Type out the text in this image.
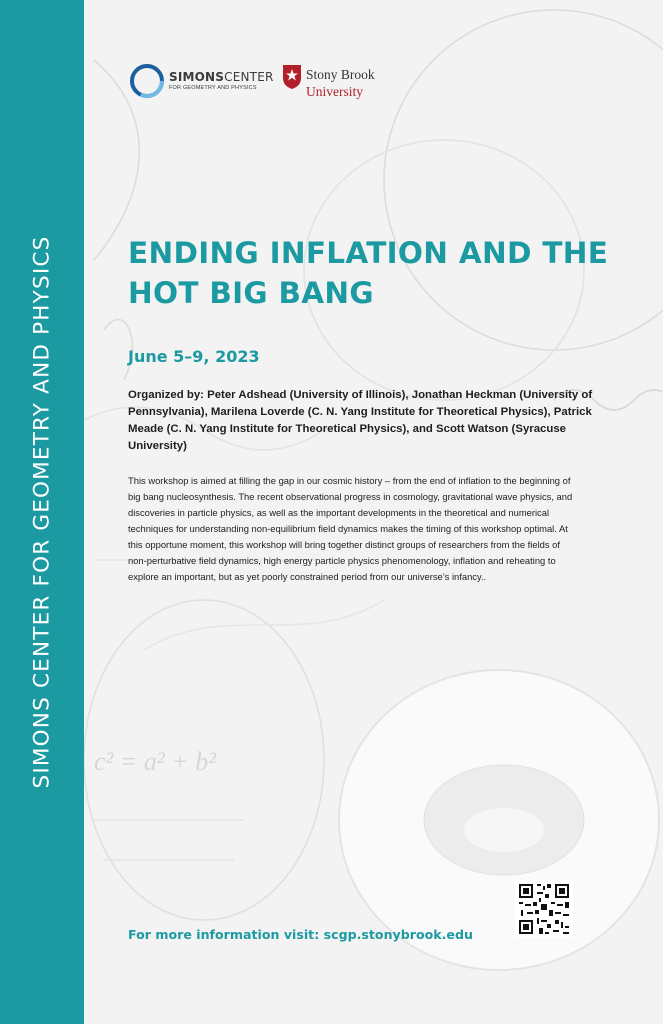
SIMONS CENTER FOR GEOMETRY AND PHYSICS c² = a² + b²
SIMONSCENTER
FOR GEOMETRY AND PHYSICS
Stony Brook
University
ENDING INFLATION AND THE HOT BIG BANG
June 5–9, 2023
Organized by: Peter Adshead (University of Illinois), Jonathan Heckman (University of Pennsylvania), Marilena Loverde (C. N. Yang Institute for Theoretical Physics), Patrick Meade (C. N. Yang Institute for Theoretical Physics), and Scott Watson (Syracuse University)
This workshop is aimed at filling the gap in our cosmic history – from the end of inflation to the beginning of big bang nucleosynthesis. The recent observational progress in cosmology, gravitational wave physics, and discoveries in particle physics, as well as the important developments in the theoretical and numerical techniques for understanding non-equilibrium field dynamics makes the timing of this workshop optimal. At this opportune moment, this workshop will bring together distinct groups of researchers from the fields of non-perturbative field dynamics, high energy particle physics phenomenology, inflation and reheating to explore an important, but as yet poorly constrained period from our universe’s infancy..
For more information visit: scgp.stonybrook.edu
